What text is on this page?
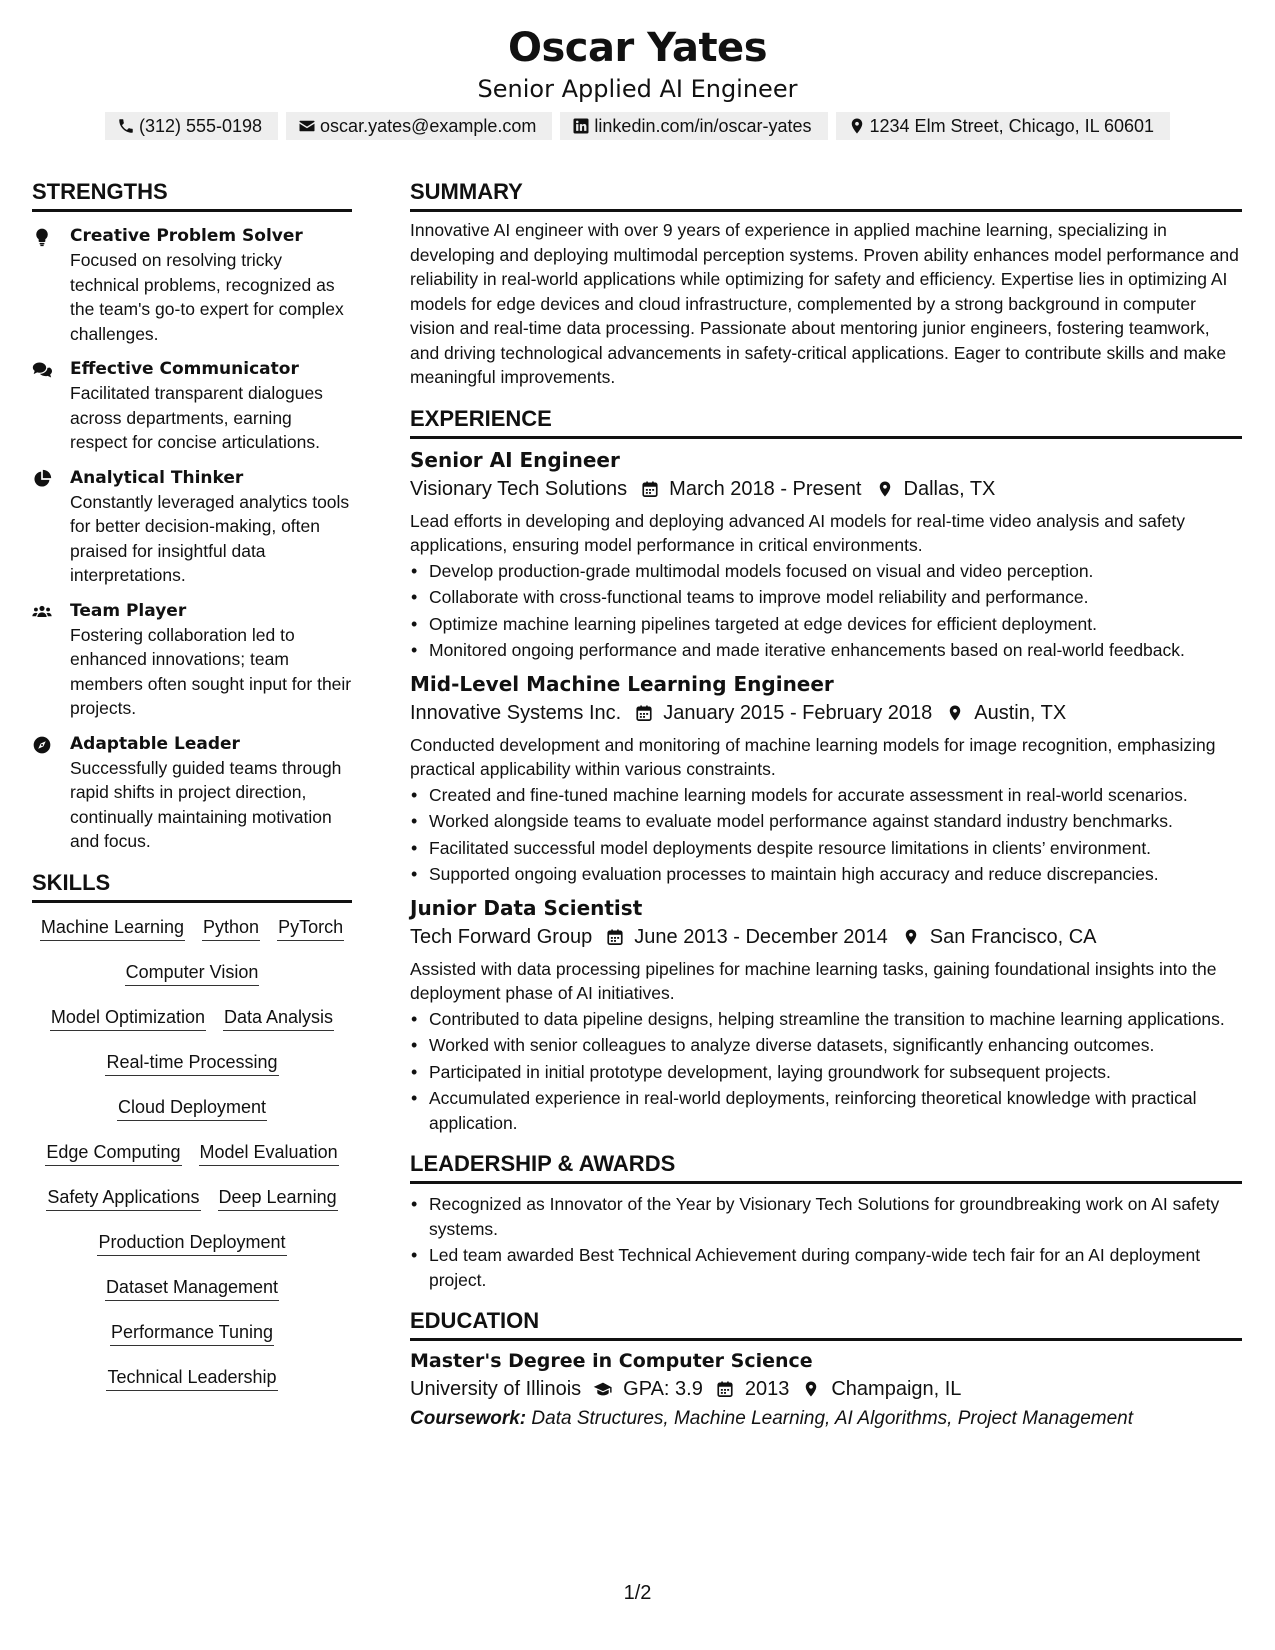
Oscar Yates
Senior Applied AI Engineer
(312) 555-0198	oscar.yates@example.com	linkedin.com/in/oscar-yates	1234 Elm Street, Chicago, IL 60601
STRENGTHS
Creative Problem Solver
Focused on resolving tricky technical problems, recognized as the team's go-to expert for complex challenges.
Effective Communicator
Facilitated transparent dialogues across departments, earning respect for concise articulations.
Analytical Thinker
Constantly leveraged analytics tools for better decision-making, often praised for insightful data interpretations.
Team Player
Fostering collaboration led to enhanced innovations; team members often sought input for their projects.
Adaptable Leader
Successfully guided teams through rapid shifts in project direction, continually maintaining motivation and focus.
SKILLS
Machine Learning Python PyTorch
Computer Vision
Model Optimization Data Analysis
Real-time Processing
Cloud Deployment
Edge Computing Model Evaluation
Safety Applications Deep Learning
Production Deployment
Dataset Management
Performance Tuning
Technical Leadership
SUMMARY
Innovative AI engineer with over 9 years of experience in applied machine learning, specializing in developing and deploying multimodal perception systems. Proven ability enhances model performance and reliability in real-world applications while optimizing for safety and efficiency. Expertise lies in optimizing AI models for edge devices and cloud infrastructure, complemented by a strong background in computer vision and real-time data processing. Passionate about mentoring junior engineers, fostering teamwork, and driving technological advancements in safety-critical applications. Eager to contribute skills and make meaningful improvements.
EXPERIENCE
Senior AI Engineer
Visionary Tech Solutions March 2018 - Present Dallas, TX
Lead efforts in developing and deploying advanced AI models for real-time video analysis and safety applications, ensuring model performance in critical environments.
• Develop production-grade multimodal models focused on visual and video perception.
• Collaborate with cross-functional teams to improve model reliability and performance.
• Optimize machine learning pipelines targeted at edge devices for efficient deployment.
• Monitored ongoing performance and made iterative enhancements based on real-world feedback.
Mid-Level Machine Learning Engineer
Innovative Systems Inc. January 2015 - February 2018 Austin, TX
Conducted development and monitoring of machine learning models for image recognition, emphasizing practical applicability within various constraints.
• Created and fine-tuned machine learning models for accurate assessment in real-world scenarios.
• Worked alongside teams to evaluate model performance against standard industry benchmarks.
• Facilitated successful model deployments despite resource limitations in clients’ environment.
• Supported ongoing evaluation processes to maintain high accuracy and reduce discrepancies.
Junior Data Scientist
Tech Forward Group June 2013 - December 2014 San Francisco, CA
Assisted with data processing pipelines for machine learning tasks, gaining foundational insights into the deployment phase of AI initiatives.
• Contributed to data pipeline designs, helping streamline the transition to machine learning applications.
• Worked with senior colleagues to analyze diverse datasets, significantly enhancing outcomes.
• Participated in initial prototype development, laying groundwork for subsequent projects.
• Accumulated experience in real-world deployments, reinforcing theoretical knowledge with practical application.
LEADERSHIP & AWARDS
• Recognized as Innovator of the Year by Visionary Tech Solutions for groundbreaking work on AI safety systems.
• Led team awarded Best Technical Achievement during company-wide tech fair for an AI deployment project.
EDUCATION
Master's Degree in Computer Science
University of Illinois GPA: 3.9 2013 Champaign, IL
Coursework: Data Structures, Machine Learning, AI Algorithms, Project Management
1/2
